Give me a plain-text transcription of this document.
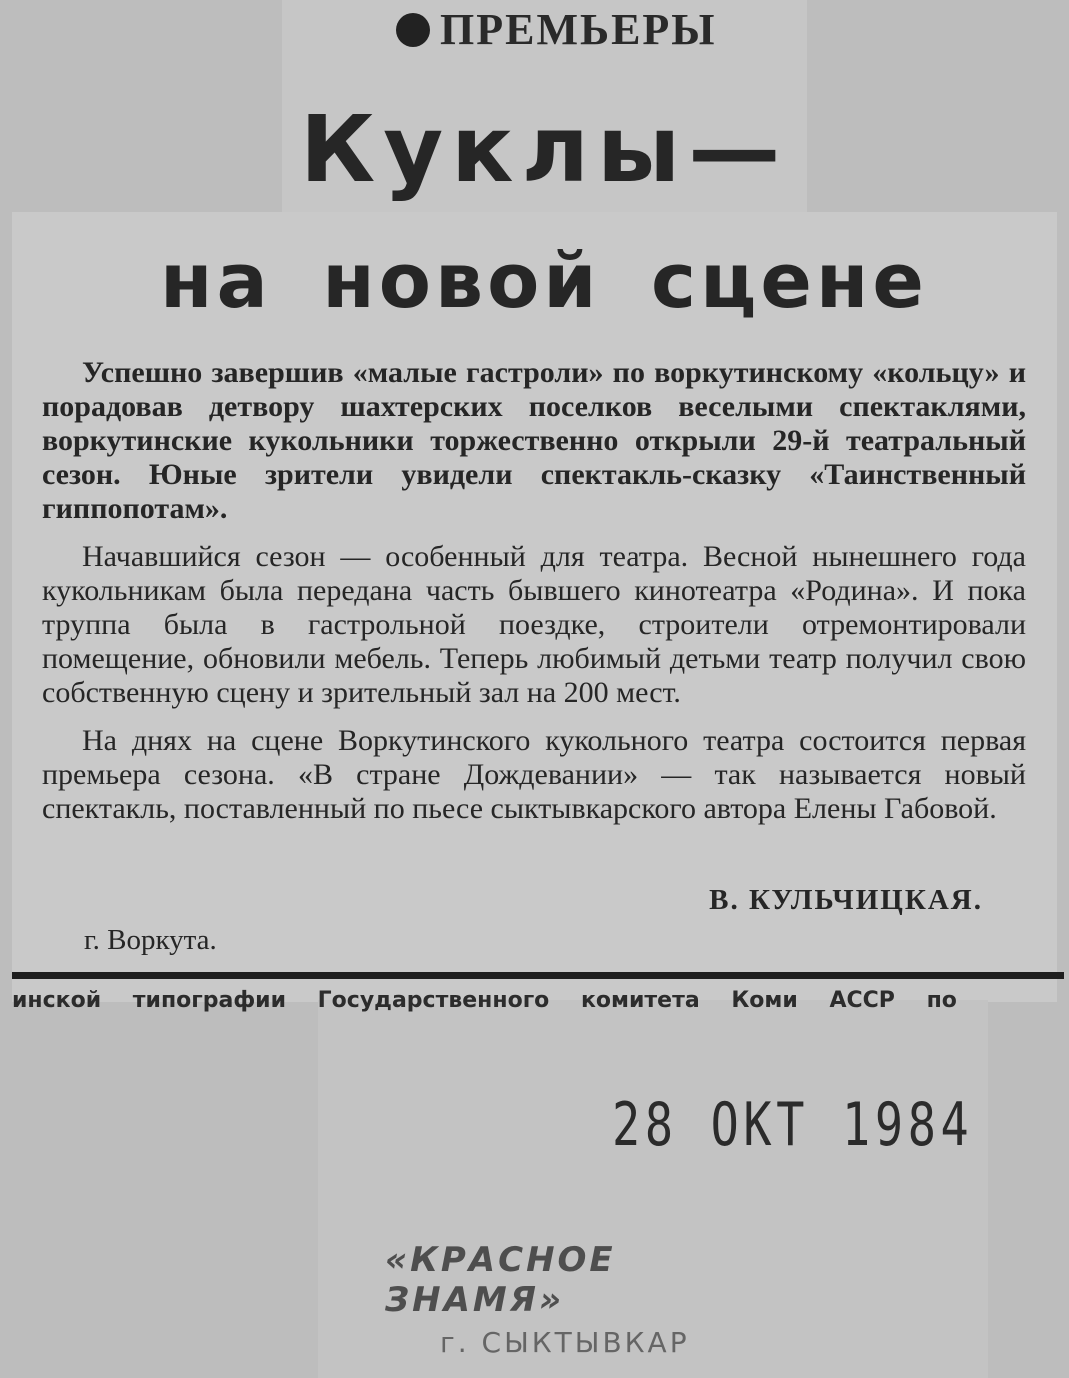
ПРЕМЬЕРЫ
Куклы—
на новой сцене

Успешно завершив «малые гастроли» по воркутинскому «кольцу» и порадовав детвору шахтерских поселков веселыми спектаклями, воркутинские кукольники торжественно открыли 29-й театральный сезон. Юные зрители увидели спектакль-сказку «Таинственный гиппопотам».

Начавшийся сезон — особенный для театра. Весной нынешнего года кукольникам была передана часть бывшего кинотеатра «Родина». И пока труппа была в гастрольной поездке, строители отремонтировали помещение, обновили мебель. Теперь любимый детьми театр получил свою собственную сцену и зрительный зал на 200 мест.

На днях на сцене Воркутинского кукольного театра состоится первая премьера сезона. «В стране Дождевании» — так называется новый спектакль, поставленный по пьесе сыктывкарского автора Елены Габовой.

В. КУЛЬЧИЦКАЯ.
г. Воркута.
инской типографии Государственного комитета Коми АССР по
28 ОКТ 1984
«КРАСНОЕ ЗНАМЯ»
г. СЫКТЫВКАР
